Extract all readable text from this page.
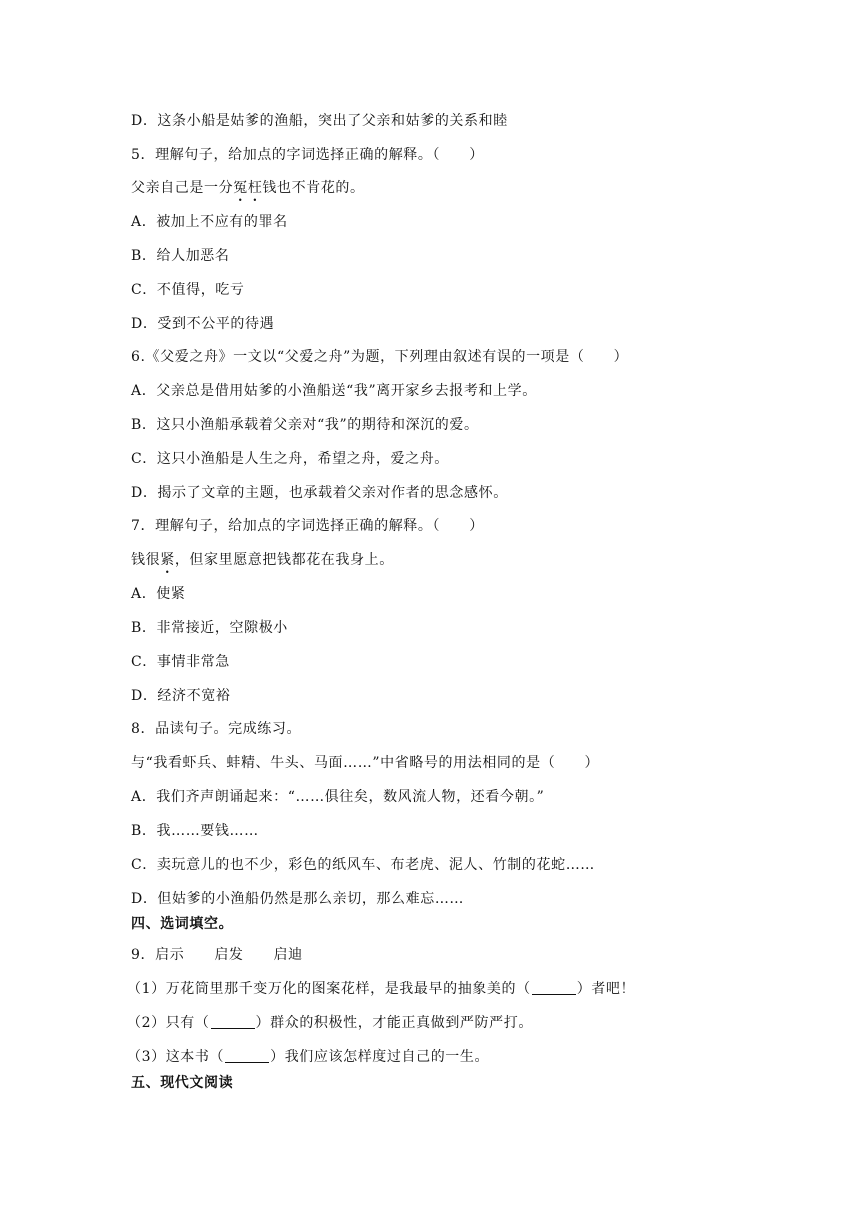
D．这条小船是姑爹的渔船，突出了父亲和姑爹的关系和睦
5．理解句子，给加点的字词选择正确的解释。（　　）
父亲自己是一分冤枉钱也不肯花的。
A．被加上不应有的罪名
B．给人加恶名
C．不值得，吃亏
D．受到不公平的待遇
6.《父爱之舟》一文以“父爱之舟”为题，下列理由叙述有误的一项是（　　）
A．父亲总是借用姑爹的小渔船送“我”离开家乡去报考和上学。
B．这只小渔船承载着父亲对“我”的期待和深沉的爱。
C．这只小渔船是人生之舟，希望之舟，爱之舟。
D．揭示了文章的主题，也承载着父亲对作者的思念感怀。
7．理解句子，给加点的字词选择正确的解释。（　　）
钱很紧，但家里愿意把钱都花在我身上。
A．使紧
B．非常接近，空隙极小
C．事情非常急
D．经济不宽裕
8．品读句子。完成练习。
与“我看虾兵、蚌精、牛头、马面……”中省略号的用法相同的是（　　）
A．我们齐声朗诵起来：“……俱往矣，数风流人物，还看今朝。”
B．我……要钱……
C．卖玩意儿的也不少，彩色的纸风车、布老虎、泥人、竹制的花蛇……
D．但姑爹的小渔船仍然是那么亲切，那么难忘……
四、选词填空。
9．启示 启发 启迪
（1）万花筒里那千变万化的图案花样，是我最早的抽象美的（	）者吧！
（2）只有（	）群众的积极性，才能正真做到严防严打。
（3）这本书（	）我们应该怎样度过自己的一生。
五、现代文阅读
